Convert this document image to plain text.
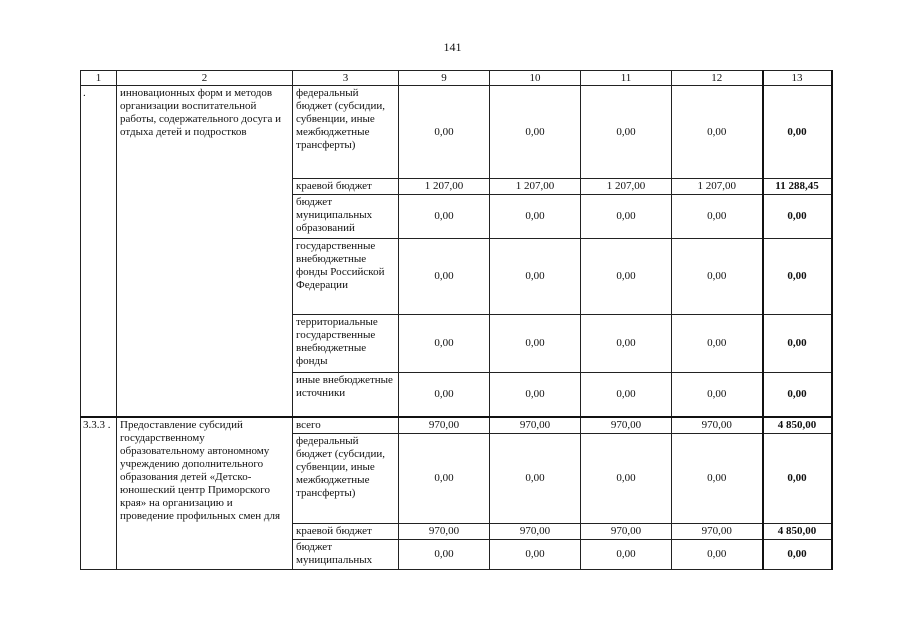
141
1	2	3	9	10	11	12	13
.	инновационных форм и методов организации воспитательной работы, содержательного досуга и отдыха детей и подростков	федеральный бюджет (субсидии, субвенции, иные межбюджетные трансферты)	0,00	0,00	0,00	0,00	0,00
		краевой бюджет	1 207,00	1 207,00	1 207,00	1 207,00	11 288,45
		бюджет муниципальных образований	0,00	0,00	0,00	0,00	0,00
		государственные внебюджетные фонды Российской Федерации	0,00	0,00	0,00	0,00	0,00
		территориальные государственные внебюджетные фонды	0,00	0,00	0,00	0,00	0,00
		иные внебюджетные источники	0,00	0,00	0,00	0,00	0,00
3.3.3 .	Предоставление субсидий государственному образовательному автономному учреждению дополнительного образования детей «Детско-юношеский центр Приморского края» на организацию и проведение профильных смен для	всего	970,00	970,00	970,00	970,00	4 850,00
		федеральный бюджет (субсидии, субвенции, иные межбюджетные трансферты)	0,00	0,00	0,00	0,00	0,00
		краевой бюджет	970,00	970,00	970,00	970,00	4 850,00
		бюджет муниципальных	0,00	0,00	0,00	0,00	0,00
